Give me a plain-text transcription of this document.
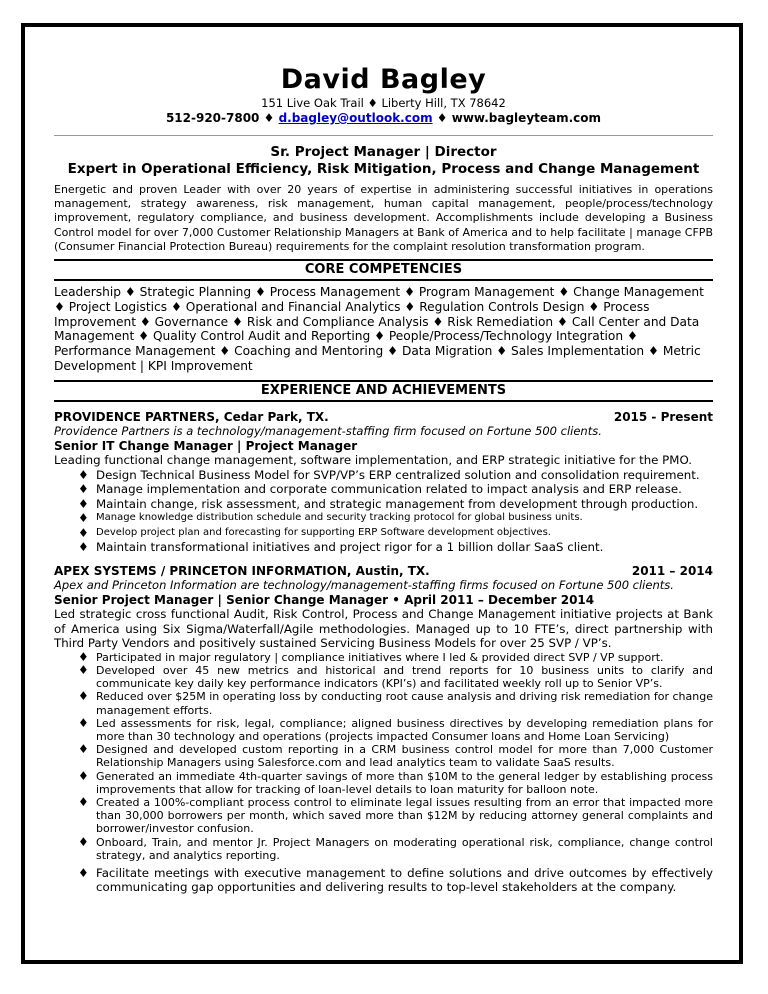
David Bagley
151 Live Oak Trail ♦ Liberty Hill, TX 78642
512-920-7800 ♦ d.bagley@outlook.com ♦ www.bagleyteam.com
Sr. Project Manager | Director
Expert in Operational Efficiency, Risk Mitigation, Process and Change Management
Energetic and proven Leader with over 20 years of expertise in administering successful initiatives in operations management, strategy awareness, risk management, human capital management, people/process/technology improvement, regulatory compliance, and business development. Accomplishments include developing a Business Control model for over 7,000 Customer Relationship Managers at Bank of America and to help facilitate | manage CFPB (Consumer Financial Protection Bureau) requirements for the complaint resolution transformation program.
CORE COMPETENCIES
Leadership ♦ Strategic Planning ♦ Process Management ♦ Program Management ♦ Change Management ♦ Project Logistics ♦ Operational and Financial Analytics ♦ Regulation Controls Design ♦ Process Improvement ♦ Governance ♦ Risk and Compliance Analysis ♦ Risk Remediation ♦ Call Center and Data Management ♦ Quality Control Audit and Reporting ♦ People/Process/Technology Integration ♦ Performance Management ♦ Coaching and Mentoring ♦ Data Migration ♦ Sales Implementation ♦ Metric Development | KPI Improvement
EXPERIENCE AND ACHIEVEMENTS
PROVIDENCE PARTNERS, Cedar Park, TX.	2015 - Present
Providence Partners is a technology/management-staffing firm focused on Fortune 500 clients.
Senior IT Change Manager | Project Manager
Leading functional change management, software implementation, and ERP strategic initiative for the PMO.
♦ Design Technical Business Model for SVP/VP’s ERP centralized solution and consolidation requirement.
♦ Manage implementation and corporate communication related to impact analysis and ERP release.
♦ Maintain change, risk assessment, and strategic management from development through production.
♦ Manage knowledge distribution schedule and security tracking protocol for global business units.
♦ Develop project plan and forecasting for supporting ERP Software development objectives.
♦ Maintain transformational initiatives and project rigor for a 1 billion dollar SaaS client.
APEX SYSTEMS / PRINCETON INFORMATION, Austin, TX.	2011 – 2014
Apex and Princeton Information are technology/management-staffing firms focused on Fortune 500 clients.
Senior Project Manager | Senior Change Manager • April 2011 – December 2014
Led strategic cross functional Audit, Risk Control, Process and Change Management initiative projects at Bank of America using Six Sigma/Waterfall/Agile methodologies. Managed up to 10 FTE’s, direct partnership with Third Party Vendors and positively sustained Servicing Business Models for over 25 SVP / VP’s.
♦ Participated in major regulatory | compliance initiatives where I led & provided direct SVP / VP support.
♦ Developed over 45 new metrics and historical and trend reports for 10 business units to clarify and communicate key daily key performance indicators (KPI’s) and facilitated weekly roll up to Senior VP’s.
♦ Reduced over $25M in operating loss by conducting root cause analysis and driving risk remediation for change management efforts.
♦ Led assessments for risk, legal, compliance; aligned business directives by developing remediation plans for more than 30 technology and operations (projects impacted Consumer loans and Home Loan Servicing)
♦ Designed and developed custom reporting in a CRM business control model for more than 7,000 Customer Relationship Managers using Salesforce.com and lead analytics team to validate SaaS results.
♦ Generated an immediate 4th-quarter savings of more than $10M to the general ledger by establishing process improvements that allow for tracking of loan-level details to loan maturity for balloon note.
♦ Created a 100%-compliant process control to eliminate legal issues resulting from an error that impacted more than 30,000 borrowers per month, which saved more than $12M by reducing attorney general complaints and borrower/investor confusion.
♦ Onboard, Train, and mentor Jr. Project Managers on moderating operational risk, compliance, change control strategy, and analytics reporting.
♦ Facilitate meetings with executive management to define solutions and drive outcomes by effectively communicating gap opportunities and delivering results to top-level stakeholders at the company.
